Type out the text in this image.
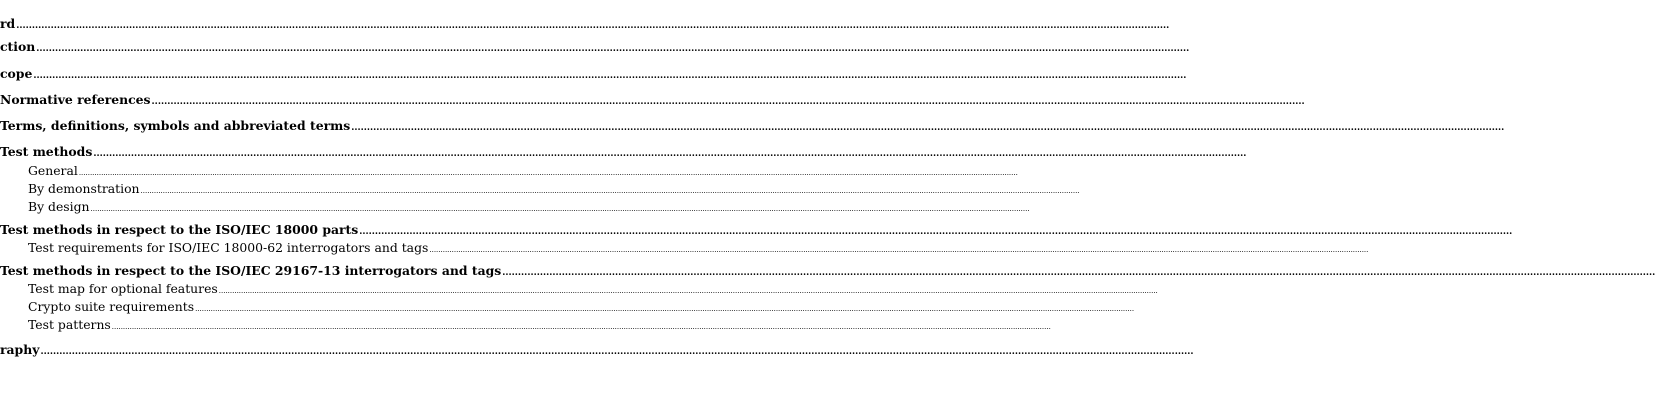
rd ................................................................................................................................................................................................................................................................................................................................................................................
ction ................................................................................................................................................................................................................................................................................................................................................................................
cope ................................................................................................................................................................................................................................................................................................................................................................................
Normative references ................................................................................................................................................................................................................................................................................................................................................................................
Terms, definitions, symbols and abbreviated terms ................................................................................................................................................................................................................................................................................................................................................................................
Test methods ................................................................................................................................................................................................................................................................................................................................................................................
General ......................................................................................................................................................................................................................................................................................................................................................................................................................................
By demonstration ......................................................................................................................................................................................................................................................................................................................................................................................................................................
By design ......................................................................................................................................................................................................................................................................................................................................................................................................................................
Test methods in respect to the ISO/IEC 18000 parts ................................................................................................................................................................................................................................................................................................................................................................................
Test requirements for ISO/IEC 18000-62 interrogators and tags ......................................................................................................................................................................................................................................................................................................................................................................................................................................
Test methods in respect to the ISO/IEC 29167-13 interrogators and tags ................................................................................................................................................................................................................................................................................................................................................................................
Test map for optional features ......................................................................................................................................................................................................................................................................................................................................................................................................................................
Crypto suite requirements ......................................................................................................................................................................................................................................................................................................................................................................................................................................
Test patterns ......................................................................................................................................................................................................................................................................................................................................................................................................................................
raphy ................................................................................................................................................................................................................................................................................................................................................................................
